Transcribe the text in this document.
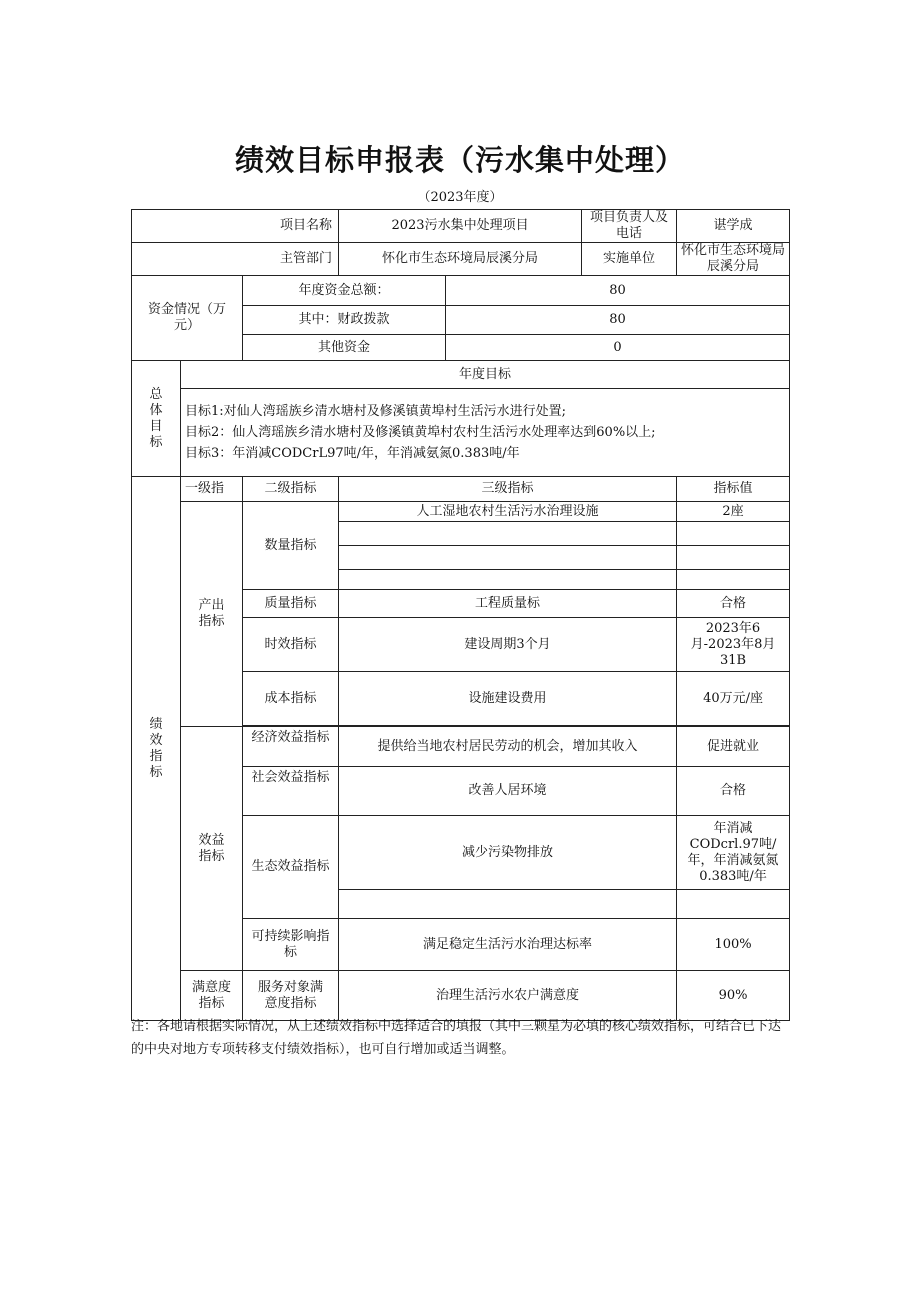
绩效目标申报表（污水集中处理）
（2023年度）
项目名称			2023污水集中处理项目		项目负责人及电话	谌学成
主管部门			怀化市生态环境局辰溪分局		实施单位	怀化市生态环境局辰溪分局
资金情况（万元）		年度资金总额：		80		
		其中：财政拨款		80		
		其他资金		0		
总体目标	年度目标					

	目标1:对仙人湾瑶族乡清水塘村及修溪镇黄埠村生活污水进行处置;
目标2：仙人湾瑶族乡清水塘村及修溪镇黄埠村农村生活污水处理率达到60%以上;
目标3：年消减CODCrL97吨/年，年消减氨氮0.383吨/年					

绩效指标	一级指	二级指标	三级指标			指标值
	产出指标	数量指标	人工湿地农村生活污水治理设施			2座

		质量指标	工程质量标			合格
		时效指标	建设周期3个月			2023年6月-2023年8月31B
		成本指标	设施建设费用			40万元/座

	效益指标	经济效益指标	提供给当地农村居民劳动的机会，增加其收入			促进就业
		社会效益指标	改善人居环境			合格
		生态效益指标	减少污染物排放			年消减CODcrl.97吨/年，年消减氨氮0.383吨/年

		可持续影响指标	满足稳定生活污水治理达标率			100%
	满意度指标	服务对象满意度指标	治理生活污水农户满意度			90%
注：各地请根据实际情况，从上述绩效指标中选择适合的填报（其中三颗星为必填的核心绩效指标，可结合已下达的中央对地方专项转移支付绩效指标），也可自行增加或适当调整。
